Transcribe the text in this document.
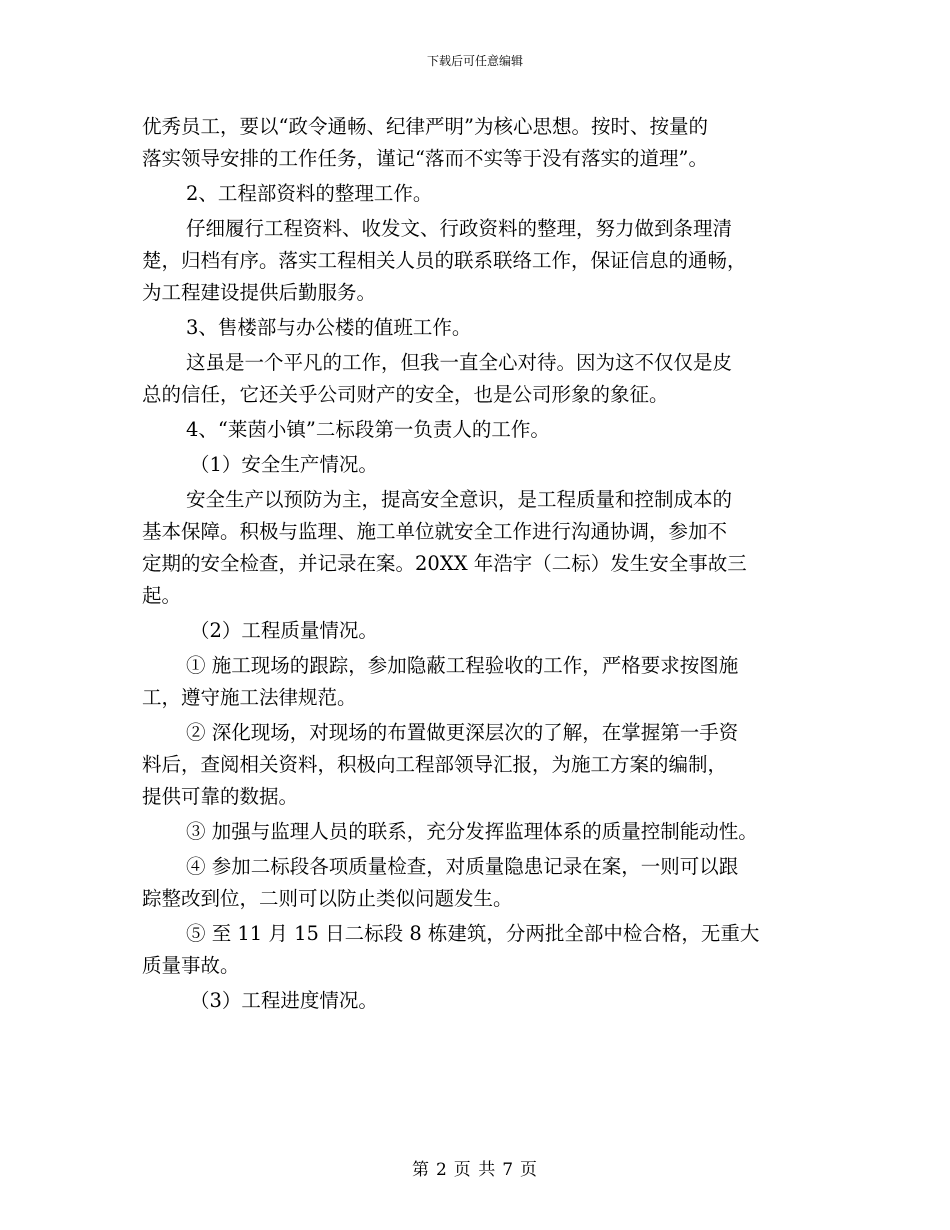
下载后可任意编辑
优秀员工，要以“政令通畅、纪律严明”为核心思想。按时、按量的
落实领导安排的工作任务，谨记“落而不实等于没有落实的道理”。
2、工程部资料的整理工作。
仔细履行工程资料、收发文、行政资料的整理，努力做到条理清
楚，归档有序。落实工程相关人员的联系联络工作，保证信息的通畅，
为工程建设提供后勤服务。
3、售楼部与办公楼的值班工作。
这虽是一个平凡的工作，但我一直全心对待。因为这不仅仅是皮
总的信任，它还关乎公司财产的安全，也是公司形象的象征。
4、“莱茵小镇”二标段第一负责人的工作。
（1）安全生产情况。
安全生产以预防为主，提高安全意识，是工程质量和控制成本的
基本保障。积极与监理、施工单位就安全工作进行沟通协调，参加不
定期的安全检查，并记录在案。20XX 年浩宇（二标）发生安全事故三
起。
（2）工程质量情况。
① 施工现场的跟踪，参加隐蔽工程验收的工作，严格要求按图施
工，遵守施工法律规范。
② 深化现场，对现场的布置做更深层次的了解，在掌握第一手资
料后，查阅相关资料，积极向工程部领导汇报，为施工方案的编制，
提供可靠的数据。
③ 加强与监理人员的联系，充分发挥监理体系的质量控制能动性。
④ 参加二标段各项质量检查，对质量隐患记录在案，一则可以跟
踪整改到位，二则可以防止类似问题发生。
⑤ 至 11 月 15 日二标段 8 栋建筑，分两批全部中检合格，无重大
质量事故。
（3）工程进度情况。
第 2 页 共 7 页
